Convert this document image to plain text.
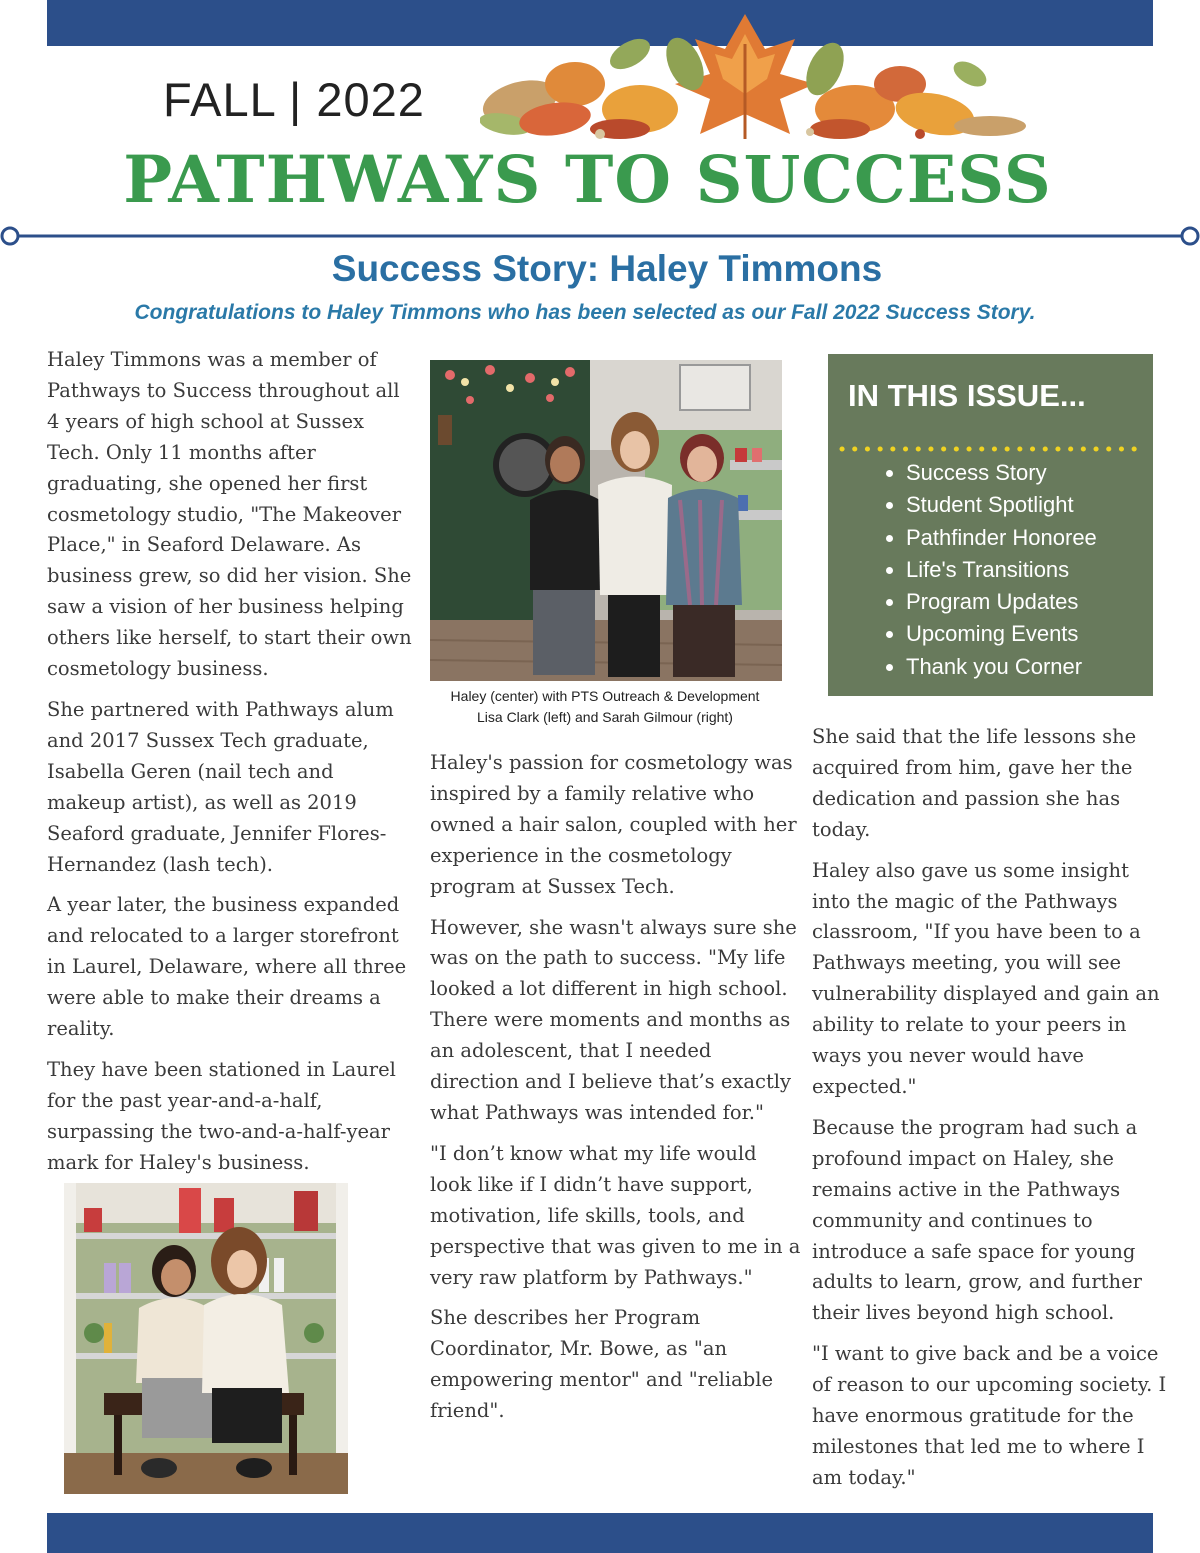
FALL | 2022
PATHWAYS TO SUCCESS
Success Story: Haley Timmons
Congratulations to Haley Timmons who has been selected as our Fall 2022 Success Story.

Haley Timmons was a member of Pathways to Success throughout all 4 years of high school at Sussex Tech. Only 11 months after graduating, she opened her first cosmetology studio, "The Makeover Place," in Seaford Delaware. As business grew, so did her vision. She saw a vision of her business helping others like herself, to start their own cosmetology business.

She partnered with Pathways alum and 2017 Sussex Tech graduate, Isabella Geren (nail tech and makeup artist), as well as 2019 Seaford graduate, Jennifer Flores-Hernandez (lash tech).

A year later, the business expanded and relocated to a larger storefront in Laurel, Delaware, where all three were able to make their dreams a reality.

They have been stationed in Laurel for the past year-and-a-half, surpassing the two-and-a-half-year mark for Haley's business.

Haley (center) with PTS Outreach & Development
Lisa Clark (left) and Sarah Gilmour (right)

Haley's passion for cosmetology was inspired by a family relative who owned a hair salon, coupled with her experience in the cosmetology program at Sussex Tech.

However, she wasn't always sure she was on the path to success. "My life looked a lot different in high school. There were moments and months as an adolescent, that I needed direction and I believe that’s exactly what Pathways was intended for."

"I don’t know what my life would look like if I didn’t have support, motivation, life skills, tools, and perspective that was given to me in a very raw platform by Pathways."

She describes her Program Coordinator, Mr. Bowe, as "an empowering mentor" and "reliable friend".

IN THIS ISSUE...
• Success Story
• Student Spotlight
• Pathfinder Honoree
• Life's Transitions
• Program Updates
• Upcoming Events
• Thank you Corner

She said that the life lessons she acquired from him, gave her the dedication and passion she has today.

Haley also gave us some insight into the magic of the Pathways classroom, "If you have been to a Pathways meeting, you will see vulnerability displayed and gain an ability to relate to your peers in ways you never would have expected."

Because the program had such a profound impact on Haley, she remains active in the Pathways community and continues to introduce a safe space for young adults to learn, grow, and further their lives beyond high school.

"I want to give back and be a voice of reason to our upcoming society. I have enormous gratitude for the milestones that led me to where I am today."
